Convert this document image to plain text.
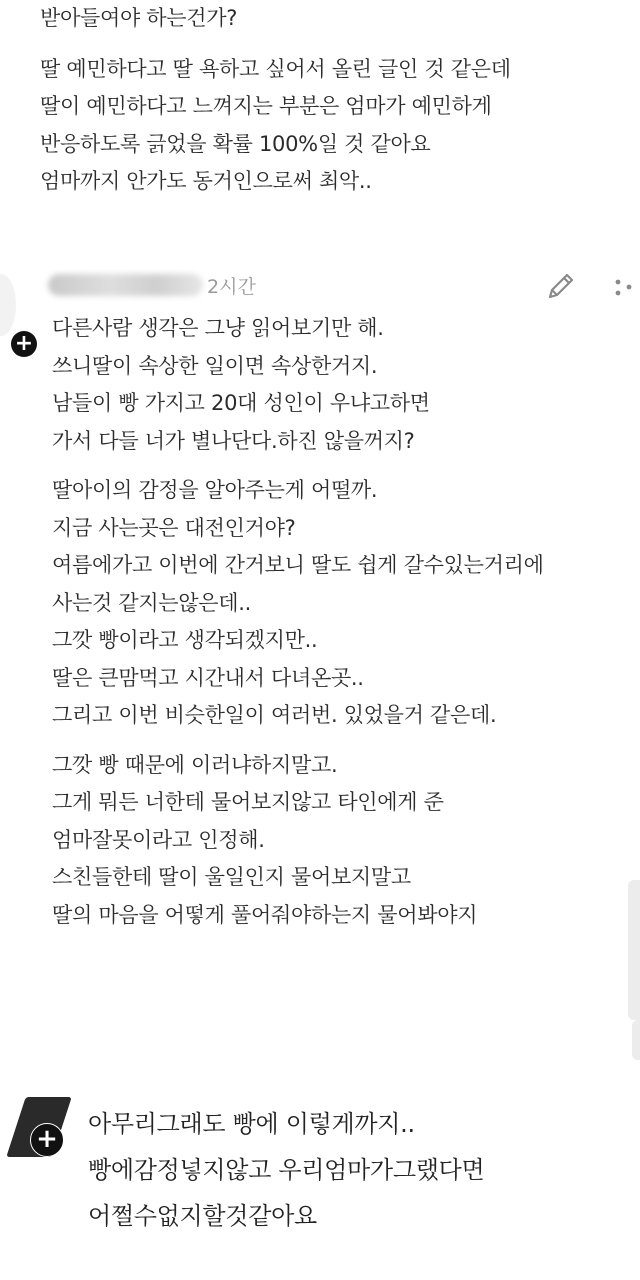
받아들여야 하는건가?
딸 예민하다고 딸 욕하고 싶어서 올린 글인 것 같은데
딸이 예민하다고 느껴지는 부분은 엄마가 예민하게
반응하도록 긁었을 확률 100%일 것 같아요
엄마까지 안가도 동거인으로써 최악..
2시간
+
다른사람 생각은 그냥 읽어보기만 해.
쓰니딸이 속상한 일이면 속상한거지.
남들이 빵 가지고 20대 성인이 우냐고하면
가서 다들 너가 별나단다.하진 않을꺼지?
딸아이의 감정을 알아주는게 어떨까.
지금 사는곳은 대전인거야?
여름에가고 이번에 간거보니 딸도 쉽게 갈수있는거리에
사는것 같지는않은데..
그깟 빵이라고 생각되겠지만..
딸은 큰맘먹고 시간내서 다녀온곳..
그리고 이번 비슷한일이 여러번. 있었을거 같은데.
그깟 빵 때문에 이러냐하지말고.
그게 뭐든 너한테 물어보지않고 타인에게 준
엄마잘못이라고 인정해.
스친들한테 딸이 울일인지 물어보지말고
딸의 마음을 어떻게 풀어줘야하는지 물어봐야지
+ 아무리그래도 빵에 이렇게까지..
빵에감정넣지않고 우리엄마가그랬다면
어쩔수없지할것같아요
